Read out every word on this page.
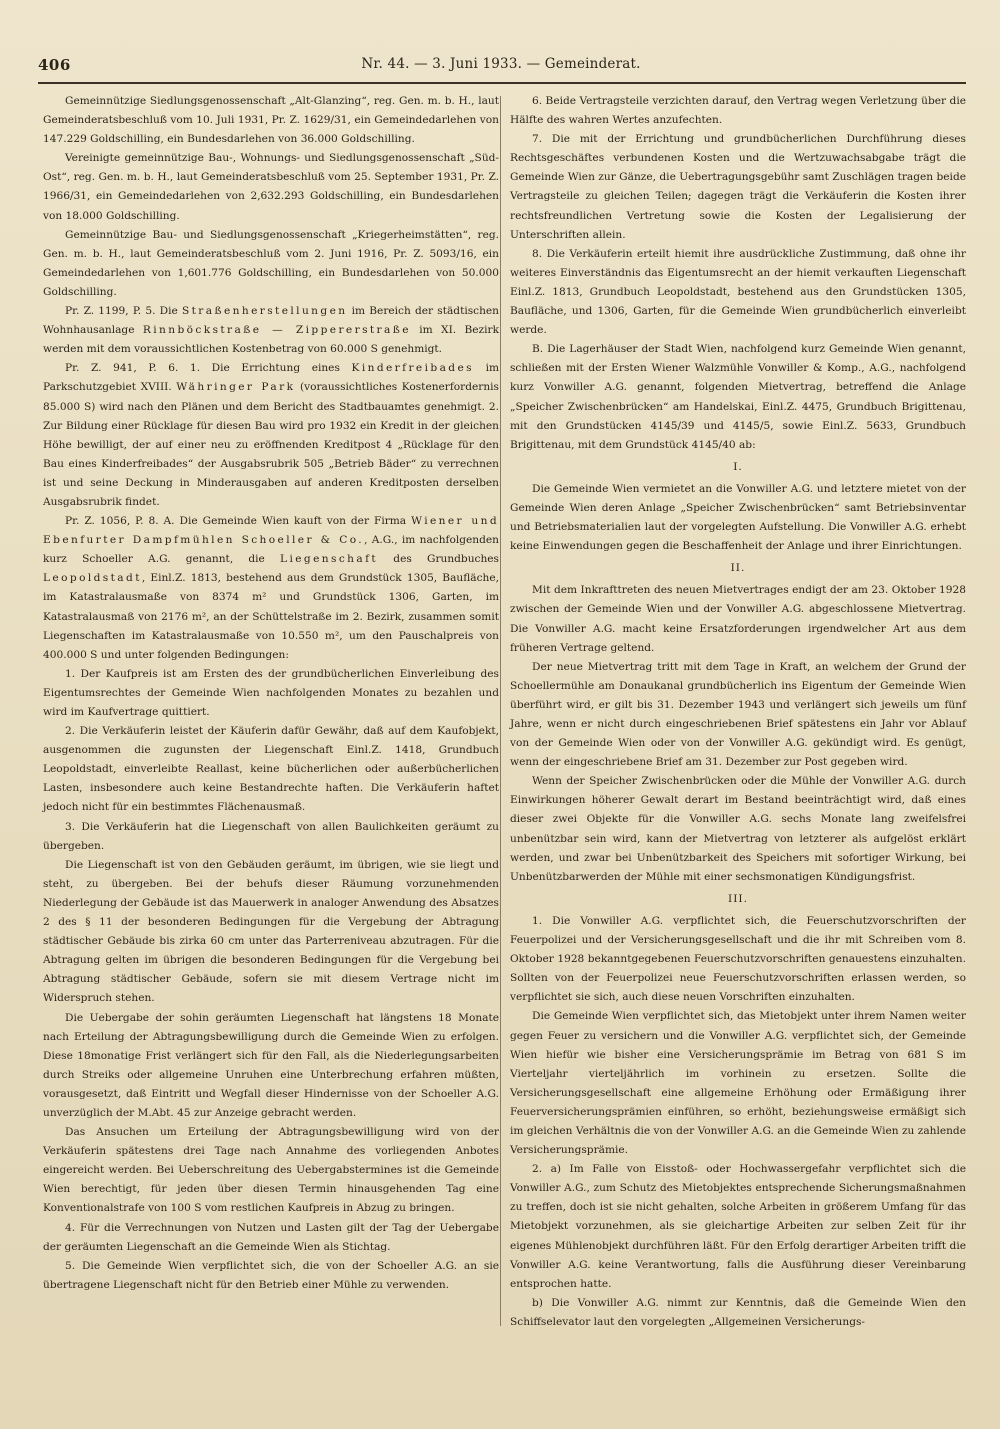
406	Nr. 44. — 3. Juni 1933. — Gemeinderat.

Gemeinnützige Siedlungsgenossenschaft „Alt-Glanzing“, reg. Gen. m. b. H., laut Gemeinderatsbeschluß vom 10. Juli 1931, Pr. Z. 1629/31, ein Gemeindedarlehen von 147.229 Goldschilling, ein Bundesdarlehen von 36.000 Goldschilling.

Vereinigte gemeinnützige Bau-, Wohnungs- und Siedlungsgenossenschaft „Süd-Ost“, reg. Gen. m. b. H., laut Gemeinderatsbeschluß vom 25. September 1931, Pr. Z. 1966/31, ein Gemeindedarlehen von 2,632.293 Goldschilling, ein Bundesdarlehen von 18.000 Goldschilling.

Gemeinnützige Bau- und Siedlungsgenossenschaft „Kriegerheimstätten“, reg. Gen. m. b. H., laut Gemeinderatsbeschluß vom 2. Juni 1916, Pr. Z. 5093/16, ein Gemeindedarlehen von 1,601.776 Goldschilling, ein Bundesdarlehen von 50.000 Goldschilling.

Pr. Z. 1199, P. 5. Die Straßenherstellungen im Bereich der städtischen Wohnhausanlage Rinnböckstraße — Zippererstraße im XI. Bezirk werden mit dem voraussichtlichen Kostenbetrag von 60.000 S genehmigt.

Pr. Z. 941, P. 6. 1. Die Errichtung eines Kinderfreibades im Parkschutzgebiet XVIII. Währinger Park (voraussichtliches Kostenerfordernis 85.000 S) wird nach den Plänen und dem Bericht des Stadtbauamtes genehmigt. 2. Zur Bildung einer Rücklage für diesen Bau wird pro 1932 ein Kredit in der gleichen Höhe bewilligt, der auf einer neu zu eröffnenden Kreditpost 4 „Rücklage für den Bau eines Kinderfreibades“ der Ausgabsrubrik 505 „Betrieb Bäder“ zu verrechnen ist und seine Deckung in Minderausgaben auf anderen Kreditposten derselben Ausgabsrubrik findet.

Pr. Z. 1056, P. 8. A. Die Gemeinde Wien kauft von der Firma Wiener und Ebenfurter Dampfmühlen Schoeller & Co., A.G., im nachfolgenden kurz Schoeller A.G. genannt, die Liegenschaft des Grundbuches Leopoldstadt, Einl.Z. 1813, bestehend aus dem Grundstück 1305, Baufläche, im Katastralausmaße von 8374 m² und Grundstück 1306, Garten, im Katastralausmaß von 2176 m², an der Schüttelstraße im 2. Bezirk, zusammen somit Liegenschaften im Katastralausmaße von 10.550 m², um den Pauschalpreis von 400.000 S und unter folgenden Bedingungen:

1. Der Kaufpreis ist am Ersten des der grundbücherlichen Einverleibung des Eigentumsrechtes der Gemeinde Wien nachfolgenden Monates zu bezahlen und wird im Kaufvertrage quittiert.

2. Die Verkäuferin leistet der Käuferin dafür Gewähr, daß auf dem Kaufobjekt, ausgenommen die zugunsten der Liegenschaft Einl.Z. 1418, Grundbuch Leopoldstadt, einverleibte Reallast, keine bücherlichen oder außerbücherlichen Lasten, insbesondere auch keine Bestandrechte haften. Die Verkäuferin haftet jedoch nicht für ein bestimmtes Flächenausmaß.

3. Die Verkäuferin hat die Liegenschaft von allen Baulichkeiten geräumt zu übergeben.

Die Liegenschaft ist von den Gebäuden geräumt, im übrigen, wie sie liegt und steht, zu übergeben. Bei der behufs dieser Räumung vorzunehmenden Niederlegung der Gebäude ist das Mauerwerk in analoger Anwendung des Absatzes 2 des § 11 der besonderen Bedingungen für die Vergebung der Abtragung städtischer Gebäude bis zirka 60 cm unter das Parterreniveau abzutragen. Für die Abtragung gelten im übrigen die besonderen Bedingungen für die Vergebung bei Abtragung städtischer Gebäude, sofern sie mit diesem Vertrage nicht im Widerspruch stehen.

Die Uebergabe der sohin geräumten Liegenschaft hat längstens 18 Monate nach Erteilung der Abtragungsbewilligung durch die Gemeinde Wien zu erfolgen. Diese 18monatige Frist verlängert sich für den Fall, als die Niederlegungsarbeiten durch Streiks oder allgemeine Unruhen eine Unterbrechung erfahren müßten, vorausgesetzt, daß Eintritt und Wegfall dieser Hindernisse von der Schoeller A.G. unverzüglich der M.Abt. 45 zur Anzeige gebracht werden.

Das Ansuchen um Erteilung der Abtragungsbewilligung wird von der Verkäuferin spätestens drei Tage nach Annahme des vorliegenden Anbotes eingereicht werden. Bei Ueberschreitung des Uebergabstermines ist die Gemeinde Wien berechtigt, für jeden über diesen Termin hinausgehenden Tag eine Konventionalstrafe von 100 S vom restlichen Kaufpreis in Abzug zu bringen.

4. Für die Verrechnungen von Nutzen und Lasten gilt der Tag der Uebergabe der geräumten Liegenschaft an die Gemeinde Wien als Stichtag.

5. Die Gemeinde Wien verpflichtet sich, die von der Schoeller A.G. an sie übertragene Liegenschaft nicht für den Betrieb einer Mühle zu verwenden.

6. Beide Vertragsteile verzichten darauf, den Vertrag wegen Verletzung über die Hälfte des wahren Wertes anzufechten.

7. Die mit der Errichtung und grundbücherlichen Durchführung dieses Rechtsgeschäftes verbundenen Kosten und die Wertzuwachsabgabe trägt die Gemeinde Wien zur Gänze, die Uebertragungsgebühr samt Zuschlägen tragen beide Vertragsteile zu gleichen Teilen; dagegen trägt die Verkäuferin die Kosten ihrer rechtsfreundlichen Vertretung sowie die Kosten der Legalisierung der Unterschriften allein.

8. Die Verkäuferin erteilt hiemit ihre ausdrückliche Zustimmung, daß ohne ihr weiteres Einverständnis das Eigentumsrecht an der hiemit verkauften Liegenschaft Einl.Z. 1813, Grundbuch Leopoldstadt, bestehend aus den Grundstücken 1305, Baufläche, und 1306, Garten, für die Gemeinde Wien grundbücherlich einverleibt werde.

B. Die Lagerhäuser der Stadt Wien, nachfolgend kurz Gemeinde Wien genannt, schließen mit der Ersten Wiener Walzmühle Vonwiller & Komp., A.G., nachfolgend kurz Vonwiller A.G. genannt, folgenden Mietvertrag, betreffend die Anlage „Speicher Zwischenbrücken“ am Handelskai, Einl.Z. 4475, Grundbuch Brigittenau, mit den Grundstücken 4145/39 und 4145/5, sowie Einl.Z. 5633, Grundbuch Brigittenau, mit dem Grundstück 4145/40 ab:

I.

Die Gemeinde Wien vermietet an die Vonwiller A.G. und letztere mietet von der Gemeinde Wien deren Anlage „Speicher Zwischenbrücken“ samt Betriebsinventar und Betriebsmaterialien laut der vorgelegten Aufstellung. Die Vonwiller A.G. erhebt keine Einwendungen gegen die Beschaffenheit der Anlage und ihrer Einrichtungen.

II.

Mit dem Inkrafttreten des neuen Mietvertrages endigt der am 23. Oktober 1928 zwischen der Gemeinde Wien und der Vonwiller A.G. abgeschlossene Mietvertrag. Die Vonwiller A.G. macht keine Ersatzforderungen irgendwelcher Art aus dem früheren Vertrage geltend.

Der neue Mietvertrag tritt mit dem Tage in Kraft, an welchem der Grund der Schoellermühle am Donaukanal grundbücherlich ins Eigentum der Gemeinde Wien überführt wird, er gilt bis 31. Dezember 1943 und verlängert sich jeweils um fünf Jahre, wenn er nicht durch eingeschriebenen Brief spätestens ein Jahr vor Ablauf von der Gemeinde Wien oder von der Vonwiller A.G. gekündigt wird. Es genügt, wenn der eingeschriebene Brief am 31. Dezember zur Post gegeben wird.

Wenn der Speicher Zwischenbrücken oder die Mühle der Vonwiller A.G. durch Einwirkungen höherer Gewalt derart im Bestand beeinträchtigt wird, daß eines dieser zwei Objekte für die Vonwiller A.G. sechs Monate lang zweifelsfrei unbenützbar sein wird, kann der Mietvertrag von letzterer als aufgelöst erklärt werden, und zwar bei Unbenützbarkeit des Speichers mit sofortiger Wirkung, bei Unbenützbarwerden der Mühle mit einer sechsmonatigen Kündigungsfrist.

III.

1. Die Vonwiller A.G. verpflichtet sich, die Feuerschutzvorschriften der Feuerpolizei und der Versicherungsgesellschaft und die ihr mit Schreiben vom 8. Oktober 1928 bekanntgegebenen Feuerschutzvorschriften genauestens einzuhalten. Sollten von der Feuerpolizei neue Feuerschutzvorschriften erlassen werden, so verpflichtet sie sich, auch diese neuen Vorschriften einzuhalten.

Die Gemeinde Wien verpflichtet sich, das Mietobjekt unter ihrem Namen weiter gegen Feuer zu versichern und die Vonwiller A.G. verpflichtet sich, der Gemeinde Wien hiefür wie bisher eine Versicherungsprämie im Betrag von 681 S im Vierteljahr vierteljährlich im vorhinein zu ersetzen. Sollte die Versicherungsgesellschaft eine allgemeine Erhöhung oder Ermäßigung ihrer Feuerversicherungsprämien einführen, so erhöht, beziehungsweise ermäßigt sich im gleichen Verhältnis die von der Vonwiller A.G. an die Gemeinde Wien zu zahlende Versicherungsprämie.

2. a) Im Falle von Eisstoß- oder Hochwassergefahr verpflichtet sich die Vonwiller A.G., zum Schutz des Mietobjektes entsprechende Sicherungsmaßnahmen zu treffen, doch ist sie nicht gehalten, solche Arbeiten in größerem Umfang für das Mietobjekt vorzunehmen, als sie gleichartige Arbeiten zur selben Zeit für ihr eigenes Mühlenobjekt durchführen läßt. Für den Erfolg derartiger Arbeiten trifft die Vonwiller A.G. keine Verantwortung, falls die Ausführung dieser Vereinbarung entsprochen hatte.

b) Die Vonwiller A.G. nimmt zur Kenntnis, daß die Gemeinde Wien den Schiffselevator laut den vorgelegten „Allgemeinen Versicherungs-
